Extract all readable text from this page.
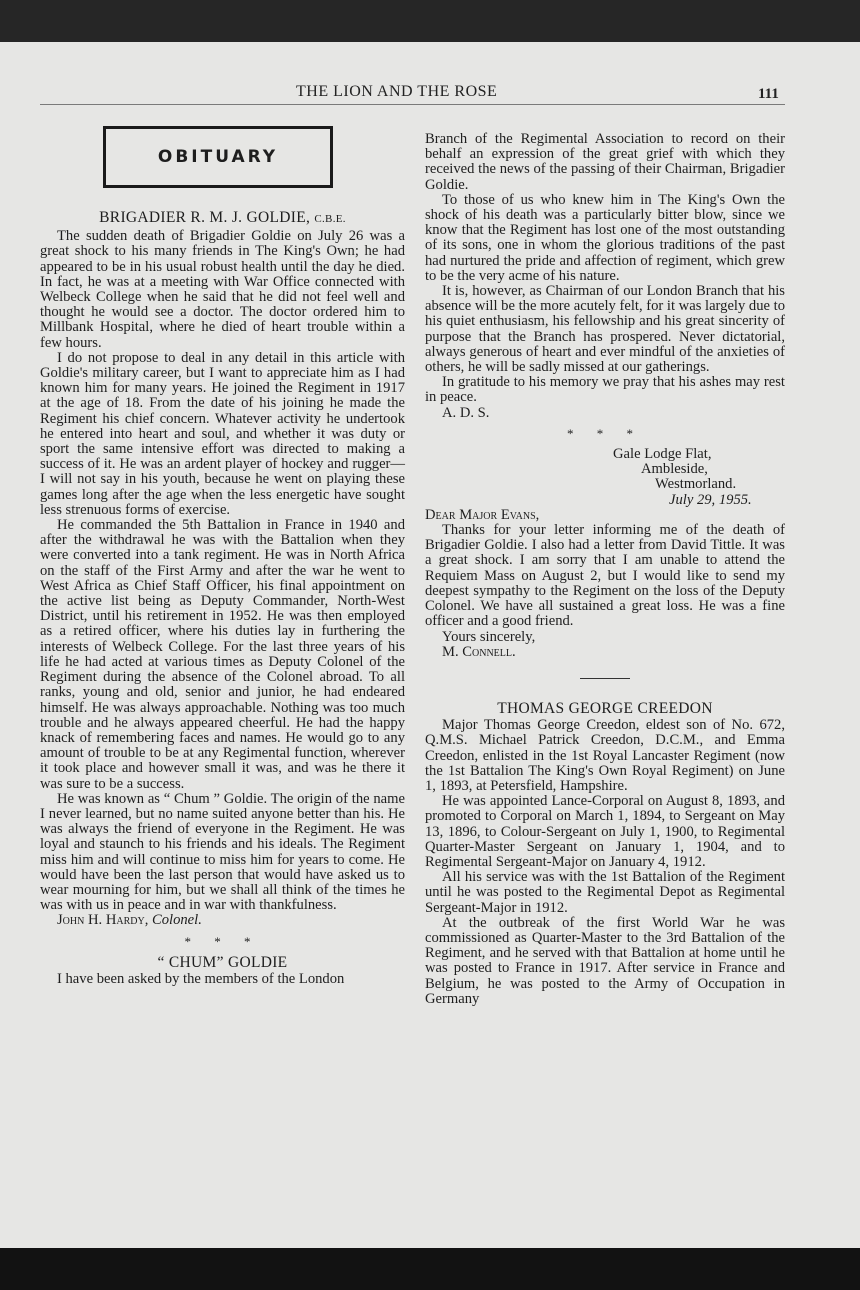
THE LION AND THE ROSE	111
OBITUARY
BRIGADIER R. M. J. GOLDIE, C.B.E.

The sudden death of Brigadier Goldie on July 26 was a great shock to his many friends in The King's Own; he had appeared to be in his usual robust health until the day he died. In fact, he was at a meeting with War Office connected with Welbeck College when he said that he did not feel well and thought he would see a doctor. The doctor ordered him to Millbank Hospital, where he died of heart trouble within a few hours.

I do not propose to deal in any detail in this article with Goldie's military career, but I want to appreciate him as I had known him for many years. He joined the Regiment in 1917 at the age of 18. From the date of his joining he made the Regiment his chief concern. Whatever activity he undertook he entered into heart and soul, and whether it was duty or sport the same intensive effort was directed to making a success of it. He was an ardent player of hockey and rugger—I will not say in his youth, because he went on playing these games long after the age when the less energetic have sought less strenuous forms of exercise.

He commanded the 5th Battalion in France in 1940 and after the withdrawal he was with the Battalion when they were converted into a tank regiment. He was in North Africa on the staff of the First Army and after the war he went to West Africa as Chief Staff Officer, his final appointment on the active list being as Deputy Commander, North-West District, until his retirement in 1952. He was then employed as a retired officer, where his duties lay in furthering the interests of Welbeck College. For the last three years of his life he had acted at various times as Deputy Colonel of the Regiment during the absence of the Colonel abroad. To all ranks, young and old, senior and junior, he had endeared himself. He was always approachable. Nothing was too much trouble and he always appeared cheerful. He had the happy knack of remembering faces and names. He would go to any amount of trouble to be at any Regimental function, wherever it took place and however small it was, and was he there it was sure to be a success.

He was known as “ Chum ” Goldie. The origin of the name I never learned, but no name suited anyone better than his. He was always the friend of everyone in the Regiment. He was loyal and staunch to his friends and his ideals. The Regiment miss him and will continue to miss him for years to come. He would have been the last person that would have asked us to wear mourning for him, but we shall all think of the times he was with us in peace and in war with thankfulness.

John H. Hardy, Colonel.

* * *
“ CHUM” GOLDIE

I have been asked by the members of the London

Branch of the Regimental Association to record on their behalf an expression of the great grief with which they received the news of the passing of their Chairman, Brigadier Goldie.

To those of us who knew him in The King's Own the shock of his death was a particularly bitter blow, since we know that the Regiment has lost one of the most outstanding of its sons, one in whom the glorious traditions of the past had nurtured the pride and affection of regiment, which grew to be the very acme of his nature.

It is, however, as Chairman of our London Branch that his absence will be the more acutely felt, for it was largely due to his quiet enthusiasm, his fellowship and his great sincerity of purpose that the Branch has prospered. Never dictatorial, always generous of heart and ever mindful of the anxieties of others, he will be sadly missed at our gatherings.

In gratitude to his memory we pray that his ashes may rest in peace.

A. D. S.

* * *
Gale Lodge Flat,
Ambleside,
Westmorland.
July 29, 1955.

Dear Major Evans,

Thanks for your letter informing me of the death of Brigadier Goldie. I also had a letter from David Tittle. It was a great shock. I am sorry that I am unable to attend the Requiem Mass on August 2, but I would like to send my deepest sympathy to the Regiment on the loss of the Deputy Colonel. We have all sustained a great loss. He was a fine officer and a good friend.

Yours sincerely,

M. Connell.

THOMAS GEORGE CREEDON

Major Thomas George Creedon, eldest son of No. 672, Q.M.S. Michael Patrick Creedon, D.C.M., and Emma Creedon, enlisted in the 1st Royal Lancaster Regiment (now the 1st Battalion The King's Own Royal Regiment) on June 1, 1893, at Petersfield, Hampshire.

He was appointed Lance-Corporal on August 8, 1893, and promoted to Corporal on March 1, 1894, to Sergeant on May 13, 1896, to Colour-Sergeant on July 1, 1900, to Regimental Quarter-Master Sergeant on January 1, 1904, and to Regimental Sergeant-Major on January 4, 1912.

All his service was with the 1st Battalion of the Regiment until he was posted to the Regimental Depot as Regimental Sergeant-Major in 1912.

At the outbreak of the first World War he was commissioned as Quarter-Master to the 3rd Battalion of the Regiment, and he served with that Battalion at home until he was posted to France in 1917. After service in France and Belgium, he was posted to the Army of Occupation in Germany
